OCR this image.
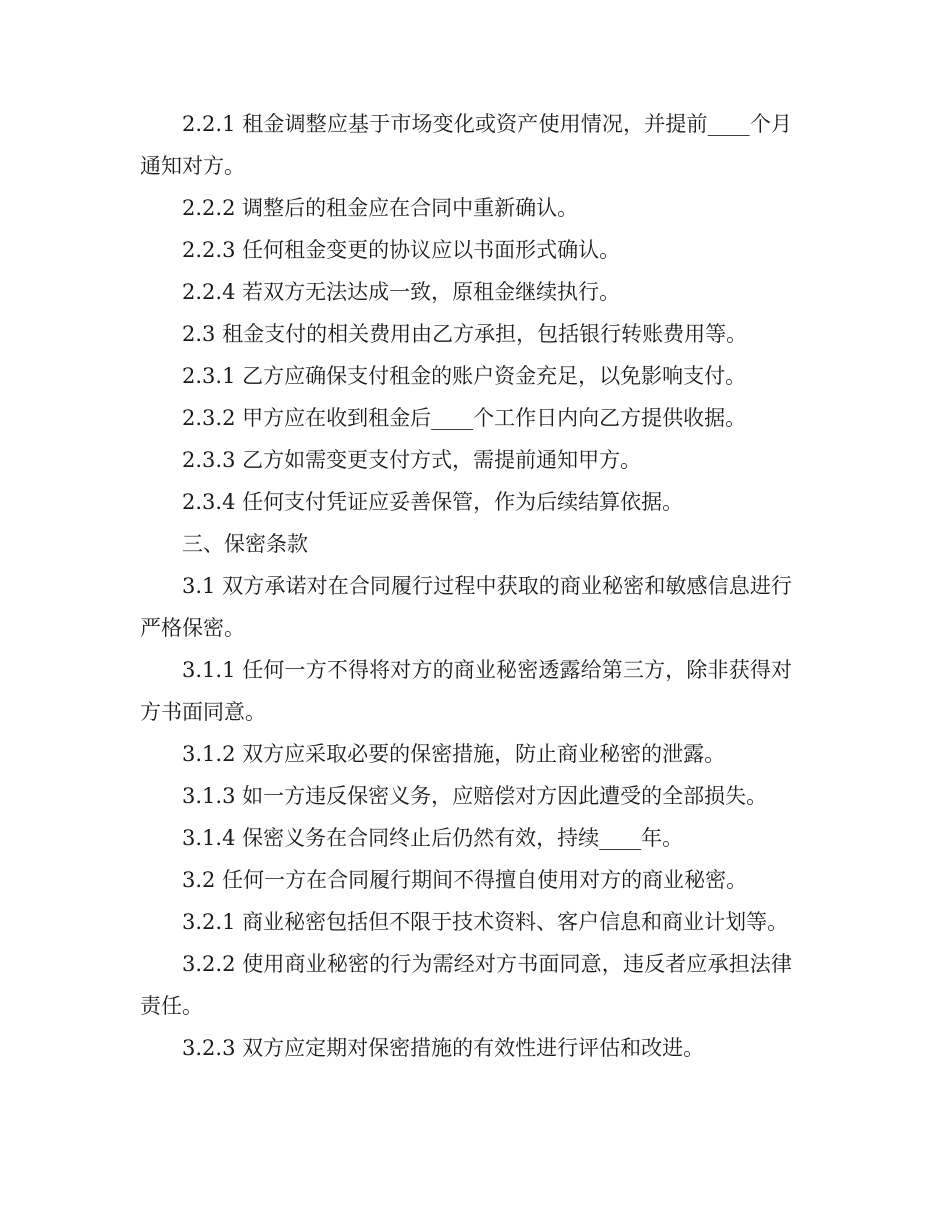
2.2.1 租金调整应基于市场变化或资产使用情况，并提前____个月通知对方。

2.2.2 调整后的租金应在合同中重新确认。

2.2.3 任何租金变更的协议应以书面形式确认。

2.2.4 若双方无法达成一致，原租金继续执行。

2.3 租金支付的相关费用由乙方承担，包括银行转账费用等。

2.3.1 乙方应确保支付租金的账户资金充足，以免影响支付。

2.3.2 甲方应在收到租金后____个工作日内向乙方提供收据。

2.3.3 乙方如需变更支付方式，需提前通知甲方。

2.3.4 任何支付凭证应妥善保管，作为后续结算依据。

三、保密条款

3.1 双方承诺对在合同履行过程中获取的商业秘密和敏感信息进行严格保密。

3.1.1 任何一方不得将对方的商业秘密透露给第三方，除非获得对方书面同意。

3.1.2 双方应采取必要的保密措施，防止商业秘密的泄露。

3.1.3 如一方违反保密义务，应赔偿对方因此遭受的全部损失。

3.1.4 保密义务在合同终止后仍然有效，持续____年。

3.2 任何一方在合同履行期间不得擅自使用对方的商业秘密。

3.2.1 商业秘密包括但不限于技术资料、客户信息和商业计划等。

3.2.2 使用商业秘密的行为需经对方书面同意，违反者应承担法律责任。

3.2.3 双方应定期对保密措施的有效性进行评估和改进。
